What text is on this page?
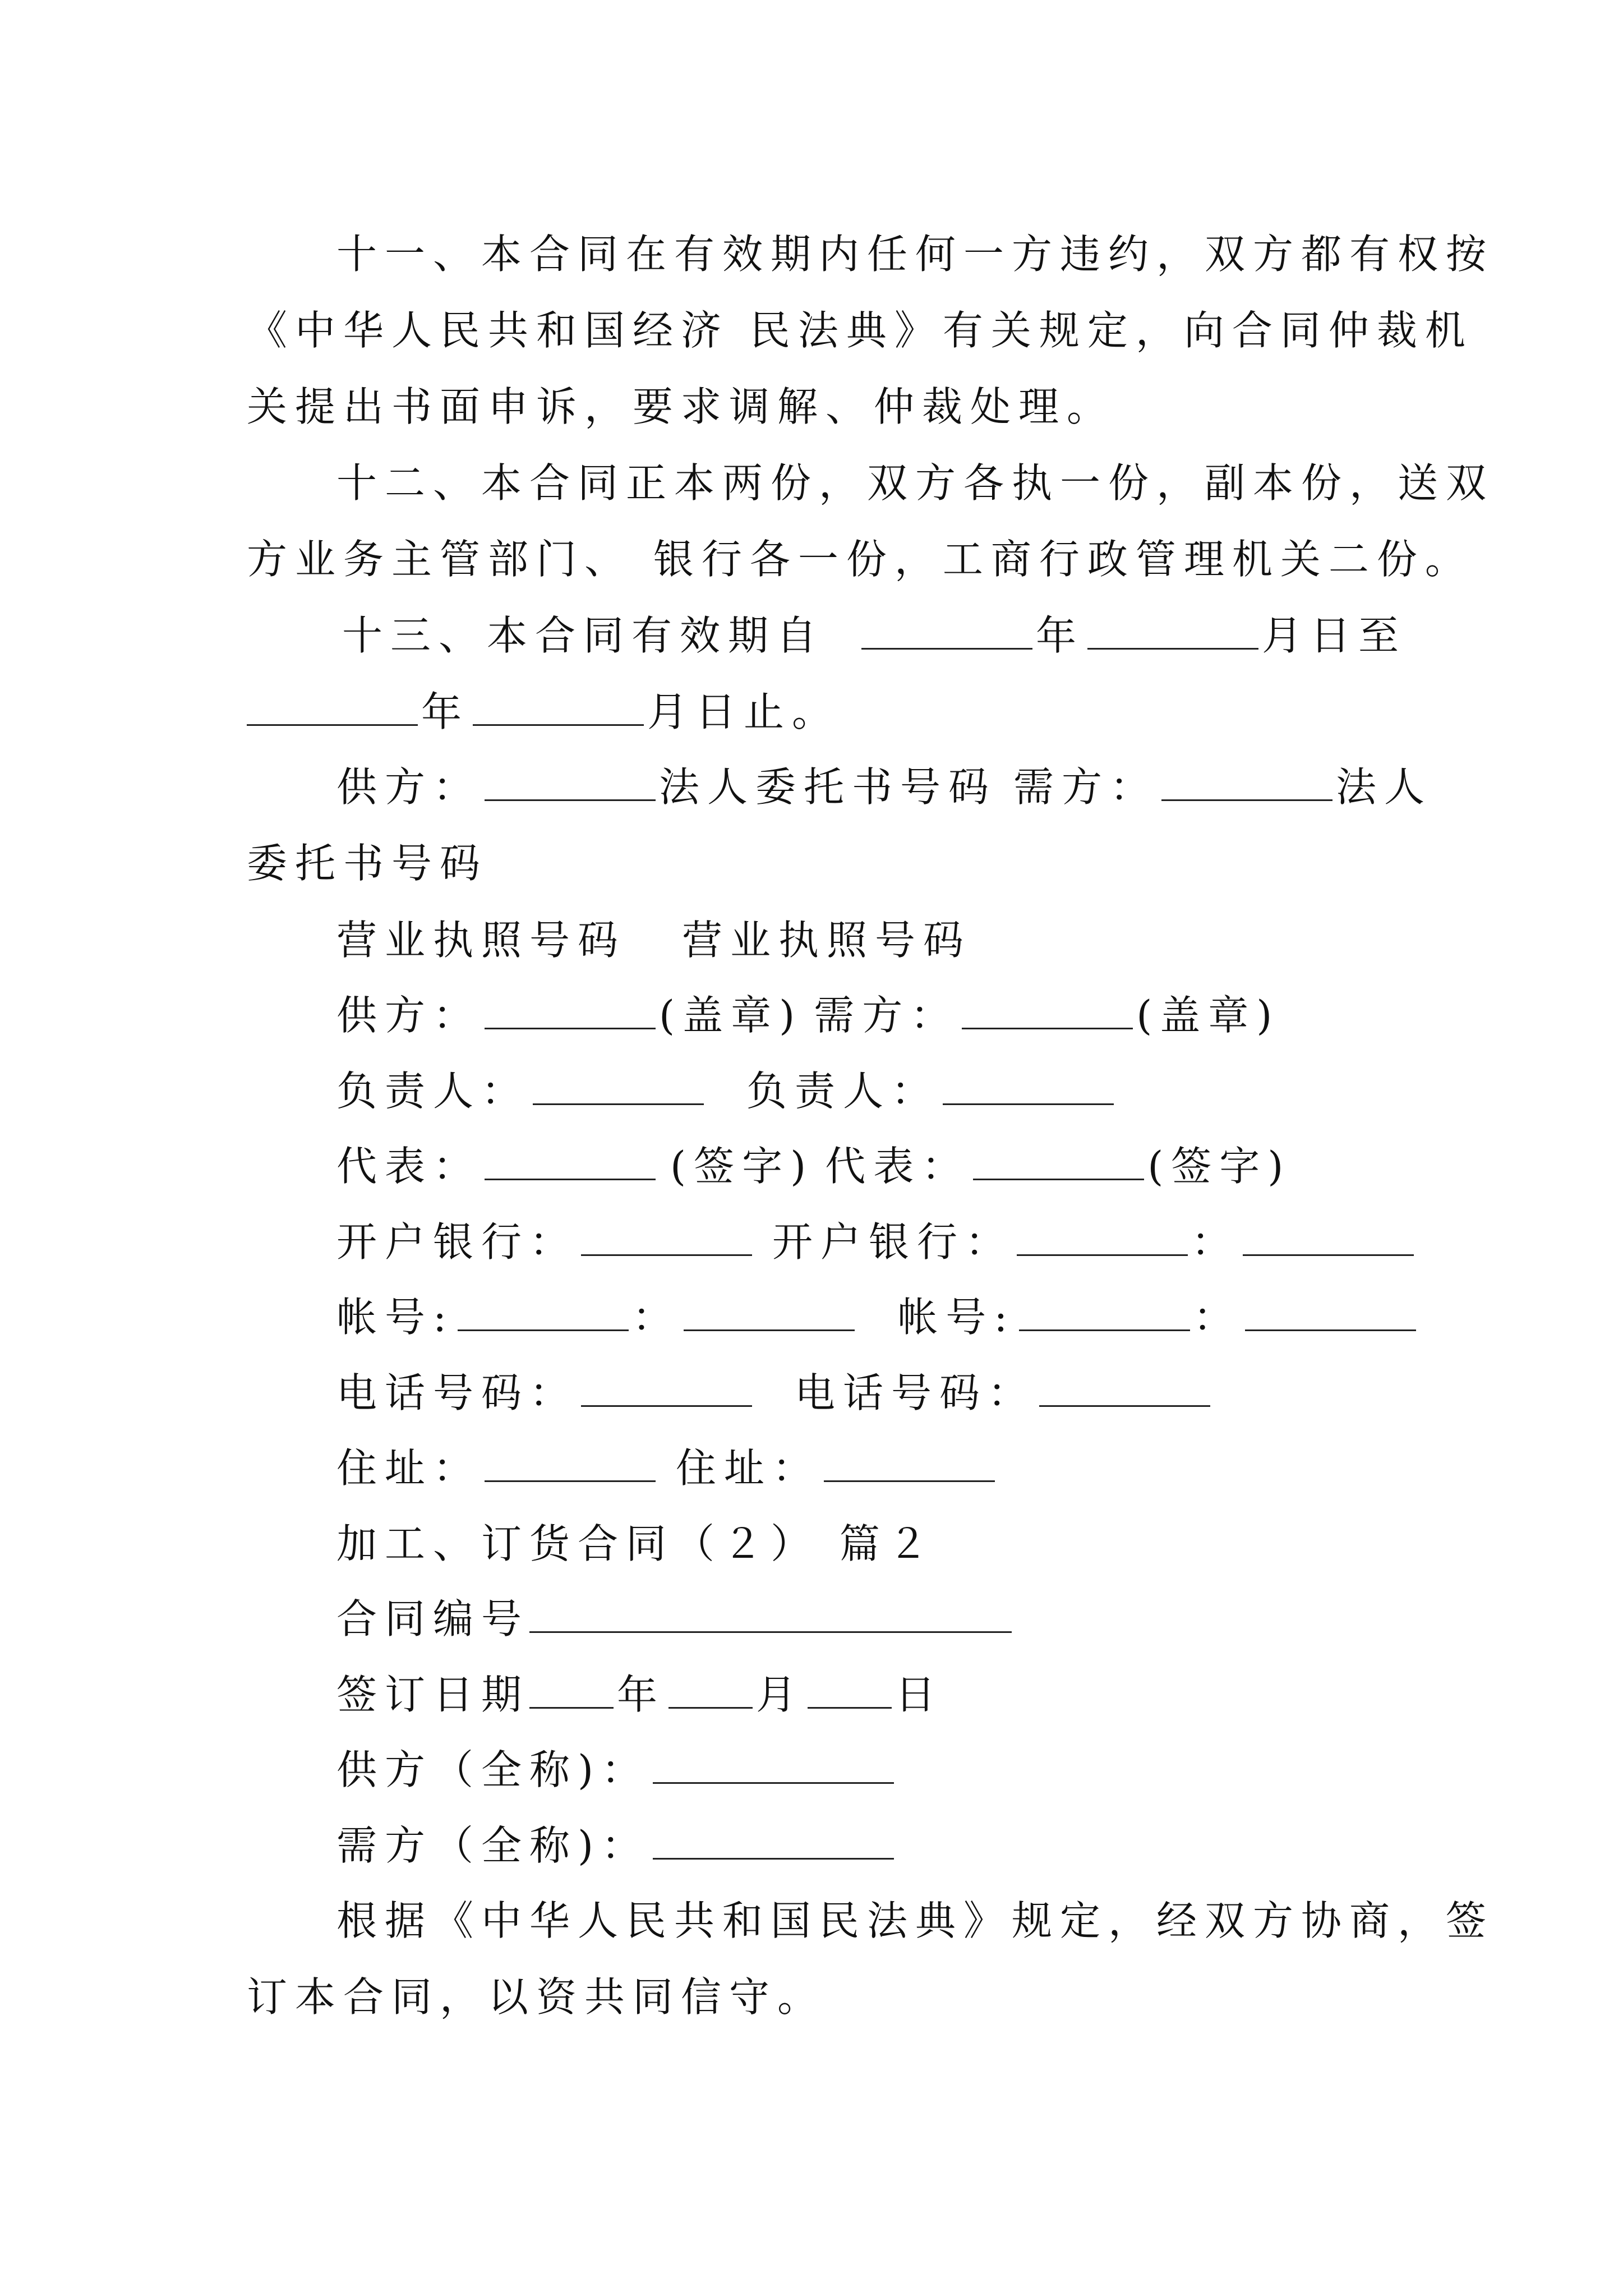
十一、本合同在有效期内任何一方违约，双方都有权按
《中华人民共和国经济 民法典》有关规定，向合同仲裁机
关提出书面申诉，要求调解、仲裁处理。
十二、本合同正本两份，双方各执一份，副本份，送双
方业务主管部门、 银行各一份，工商行政管理机关二份。
十三、本合同有效期自	年	月日至
年	月日止。
供方：	法人委托书号码 需方：	法人
委托书号码
营业执照号码 营业执照号码
供方：	(盖章) 需方：	(盖章)
负责人：	负责人：
代表：	(签字) 代表：	(签字)
开户银行：	开户银行：	：
帐号:	：	帐号:	：
电话号码：	电话号码：
住址：	住址：
加工、订货合同（２） 篇２
合同编号
签订日期 年 月 日
供方（全称)：
需方（全称)：
根据《中华人民共和国民法典》规定，经双方协商，签
订本合同，以资共同信守。
